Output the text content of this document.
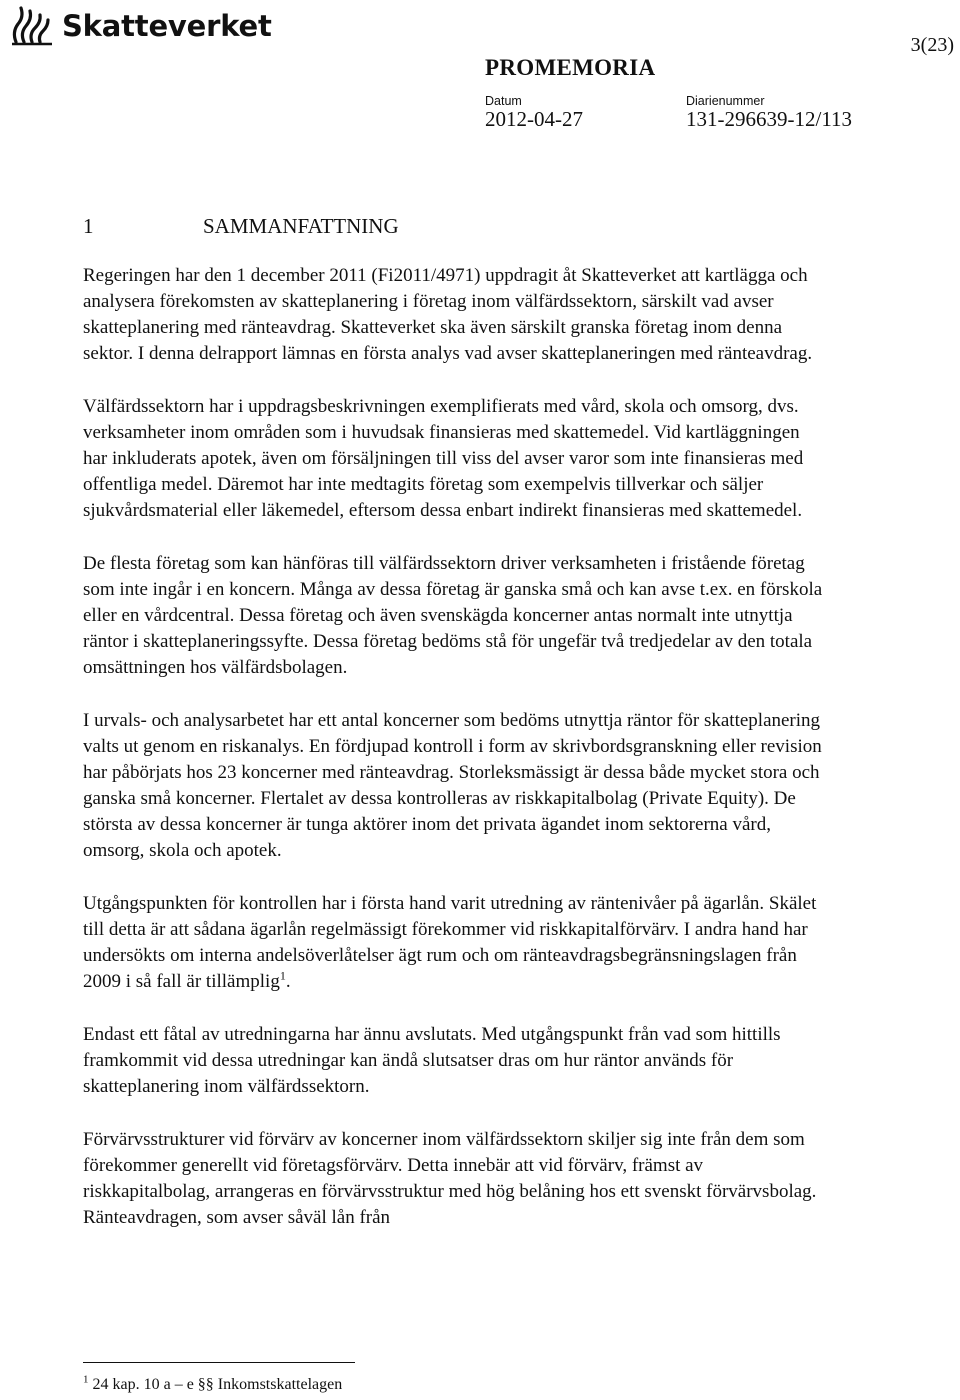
Skatteverket
3(23)
PROMEMORIA
Datum
2012-04-27
Diarienummer
131-296639-12/113
1	SAMMANFATTNING

Regeringen har den 1 december 2011 (Fi2011/4971) uppdragit åt Skatteverket att kartlägga och analysera förekomsten av skatteplanering i företag inom välfärdssektorn, särskilt vad avser skatteplanering med ränteavdrag. Skatteverket ska även särskilt granska företag inom denna sektor. I denna delrapport lämnas en första analys vad avser skatteplaneringen med ränteavdrag.

Välfärdssektorn har i uppdragsbeskrivningen exemplifierats med vård, skola och omsorg, dvs. verksamheter inom områden som i huvudsak finansieras med skattemedel. Vid kartläggningen har inkluderats apotek, även om försäljningen till viss del avser varor som inte finansieras med offentliga medel. Däremot har inte medtagits företag som exempelvis tillverkar och säljer sjukvårdsmaterial eller läkemedel, eftersom dessa enbart indirekt finansieras med skattemedel.

De flesta företag som kan hänföras till välfärdssektorn driver verksamheten i fristående företag som inte ingår i en koncern. Många av dessa företag är ganska små och kan avse t.ex. en förskola eller en vårdcentral. Dessa företag och även svenskägda koncerner antas normalt inte utnyttja räntor i skatteplaneringssyfte. Dessa företag bedöms stå för ungefär två tredjedelar av den totala omsättningen hos välfärdsbolagen.

I urvals- och analysarbetet har ett antal koncerner som bedöms utnyttja räntor för skatteplanering valts ut genom en riskanalys. En fördjupad kontroll i form av skrivbordsgranskning eller revision har påbörjats hos 23 koncerner med ränteavdrag. Storleksmässigt är dessa både mycket stora och ganska små koncerner. Flertalet av dessa kontrolleras av riskkapitalbolag (Private Equity). De största av dessa koncerner är tunga aktörer inom det privata ägandet inom sektorerna vård, omsorg, skola och apotek.

Utgångspunkten för kontrollen har i första hand varit utredning av räntenivåer på ägarlån. Skälet till detta är att sådana ägarlån regelmässigt förekommer vid riskkapitalförvärv. I andra hand har undersökts om interna andelsöverlåtelser ägt rum och om ränteavdragsbegränsningslagen från 2009 i så fall är tillämplig$^1$.

Endast ett fåtal av utredningarna har ännu avslutats. Med utgångspunkt från vad som hittills framkommit vid dessa utredningar kan ändå slutsatser dras om hur räntor används för skatteplanering inom välfärdssektorn.

Förvärvsstrukturer vid förvärv av koncerner inom välfärdssektorn skiljer sig inte från dem som förekommer generellt vid företagsförvärv. Detta innebär att vid förvärv, främst av riskkapitalbolag, arrangeras en förvärvsstruktur med hög belåning hos ett svenskt förvärvsbolag. Ränteavdragen, som avser såväl lån från

$^1$ 24 kap. 10 a – e §§ Inkomstskattelagen
